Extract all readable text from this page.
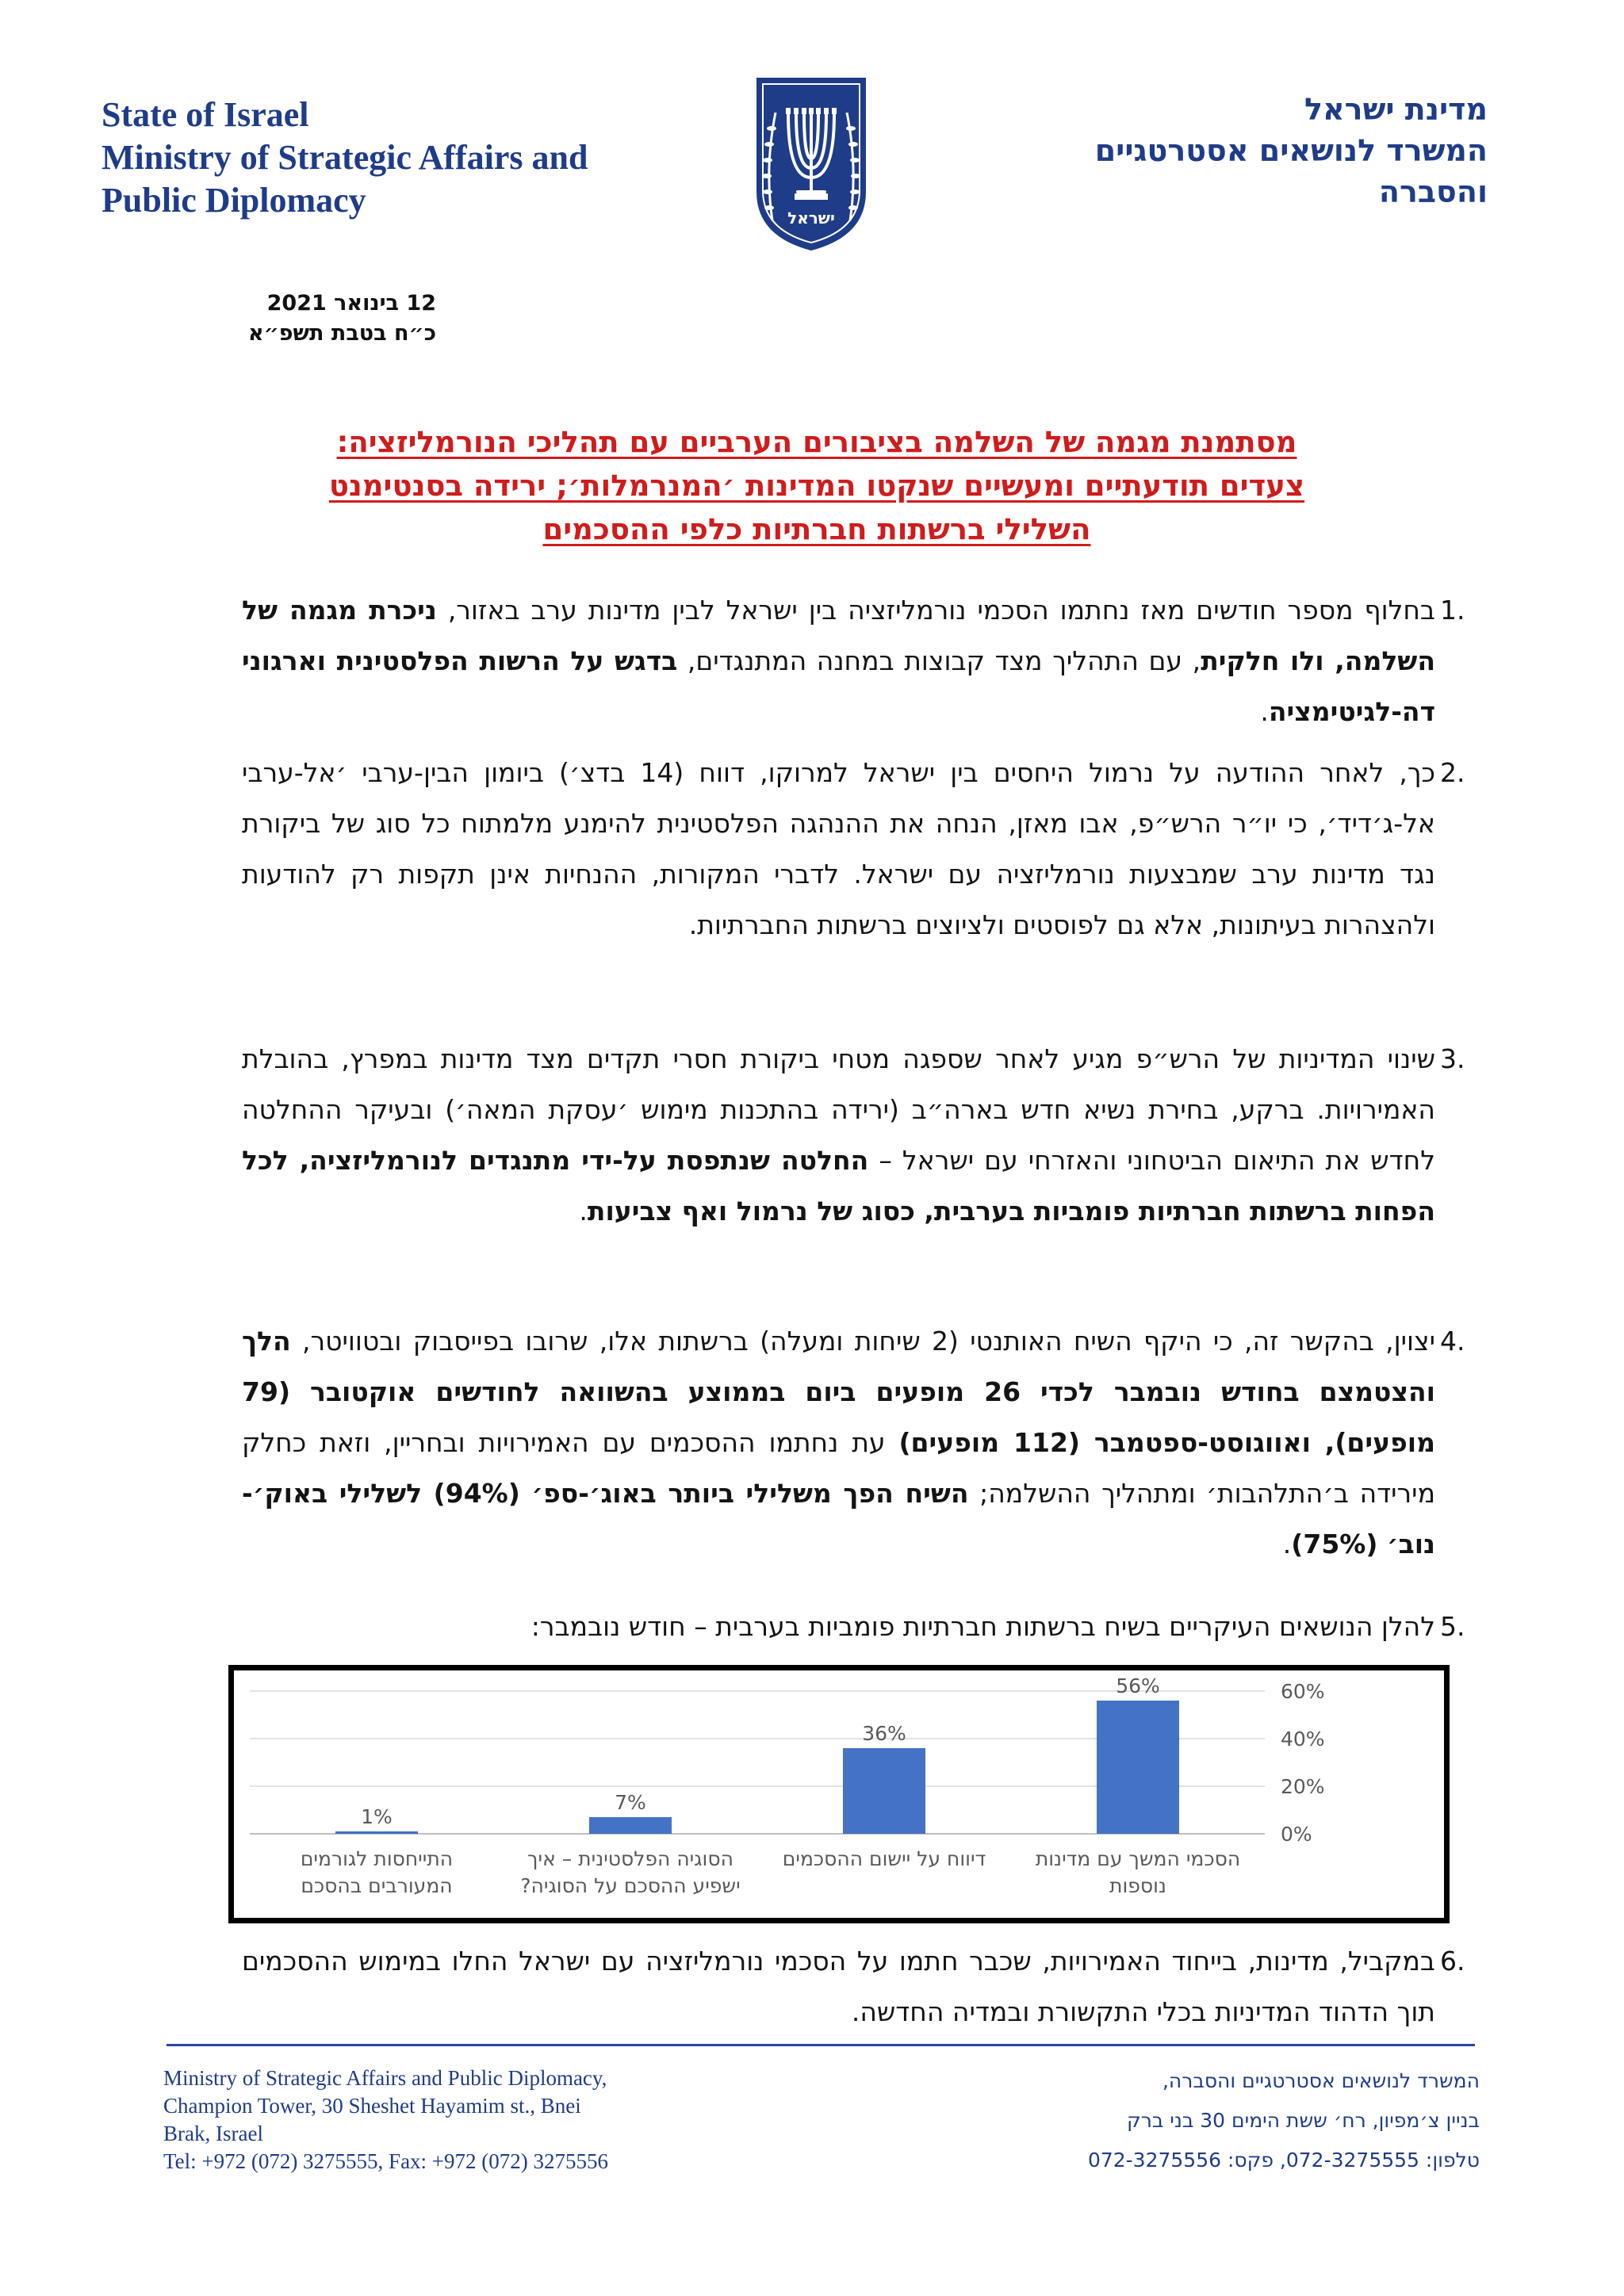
State of Israel
Ministry of Strategic Affairs and
Public Diplomacy	ישראל
מדינת ישראל
המשרד לנושאים אסטרטגיים
והסברה
12 בינואר 2021
כ״ח בטבת תשפ״א
מסתמנת מגמה של השלמה בציבורים הערביים עם תהליכי הנורמליזציה:
צעדים תודעתיים ומעשיים שנקטו המדינות ׳המנרמלות׳; ירידה בסנטימנט
השלילי ברשתות חברתיות כלפי ההסכמים
1.
בחלוף מספר חודשים מאז נחתמו הסכמי נורמליזציה בין ישראל לבין מדינות ערב באזור, ניכרת מגמה של השלמה, ולו חלקית, עם התהליך מצד קבוצות במחנה המתנגדים, בדגש על הרשות הפלסטינית וארגוני דה-לגיטימציה.
2.
כך, לאחר ההודעה על נרמול היחסים בין ישראל למרוקו, דווח (14 בדצ׳) ביומון הבין-ערבי ׳אל-ערבי אל-ג׳דיד׳, כי יו״ר הרש״פ, אבו מאזן, הנחה את ההנהגה הפלסטינית להימנע מלמתוח כל סוג של ביקורת נגד מדינות ערב שמבצעות נורמליזציה עם ישראל. לדברי המקורות, ההנחיות אינן תקפות רק להודעות ולהצהרות בעיתונות, אלא גם לפוסטים ולציוצים ברשתות החברתיות.
3.
שינוי המדיניות של הרש״פ מגיע לאחר שספגה מטחי ביקורת חסרי תקדים מצד מדינות במפרץ, בהובלת האמירויות. ברקע, בחירת נשיא חדש בארה״ב (ירידה בהתכנות מימוש ׳עסקת המאה׳) ובעיקר ההחלטה לחדש את התיאום הביטחוני והאזרחי עם ישראל – החלטה שנתפסת על-ידי מתנגדים לנורמליזציה, לכל הפחות ברשתות חברתיות פומביות בערבית, כסוג של נרמול ואף צביעות.
4.
יצוין, בהקשר זה, כי היקף השיח האותנטי (2 שיחות ומעלה) ברשתות אלו, שרובו בפייסבוק ובטוויטר, הלך והצטמצם בחודש נובמבר לכדי 26 מופעים ביום בממוצע בהשוואה לחודשים אוקטובר (79 מופעים), ואווגוסט-ספטמבר (112 מופעים) עת נחתמו ההסכמים עם האמירויות ובחריין, וזאת כחלק מירידה ב׳התלהבות׳ ומתהליך ההשלמה; השיח הפך משלילי ביותר באוג׳-ספ׳ (94%) לשלילי באוק׳-נוב׳ (75%).
5.
להלן הנושאים העיקריים בשיח ברשתות חברתיות פומביות בערבית – חודש נובמבר:
0%
20%
40%
60%
56%
הסכמי המשך עם מדינות
נוספות
36%
דיווח על יישום ההסכמים
7%
הסוגיה הפלסטינית – איך
ישפיע ההסכם על הסוגיה?
1%
התייחסות לגורמים
המעורבים בהסכם
6.
במקביל, מדינות, בייחוד האמירויות, שכבר חתמו על הסכמי נורמליזציה עם ישראל החלו במימוש ההסכמים תוך הדהוד המדיניות בכלי התקשורת ובמדיה החדשה.
Ministry of Strategic Affairs and Public Diplomacy,
Champion Tower, 30 Sheshet Hayamim st., Bnei
Brak, Israel
Tel: +972 (072) 3275555, Fax: +972 (072) 3275556
המשרד לנושאים אסטרטגיים והסברה,
בניין צ׳מפיון, רח׳ ששת הימים 30 בני ברק
טלפון: 072-3275555, פקס: 072-3275556
